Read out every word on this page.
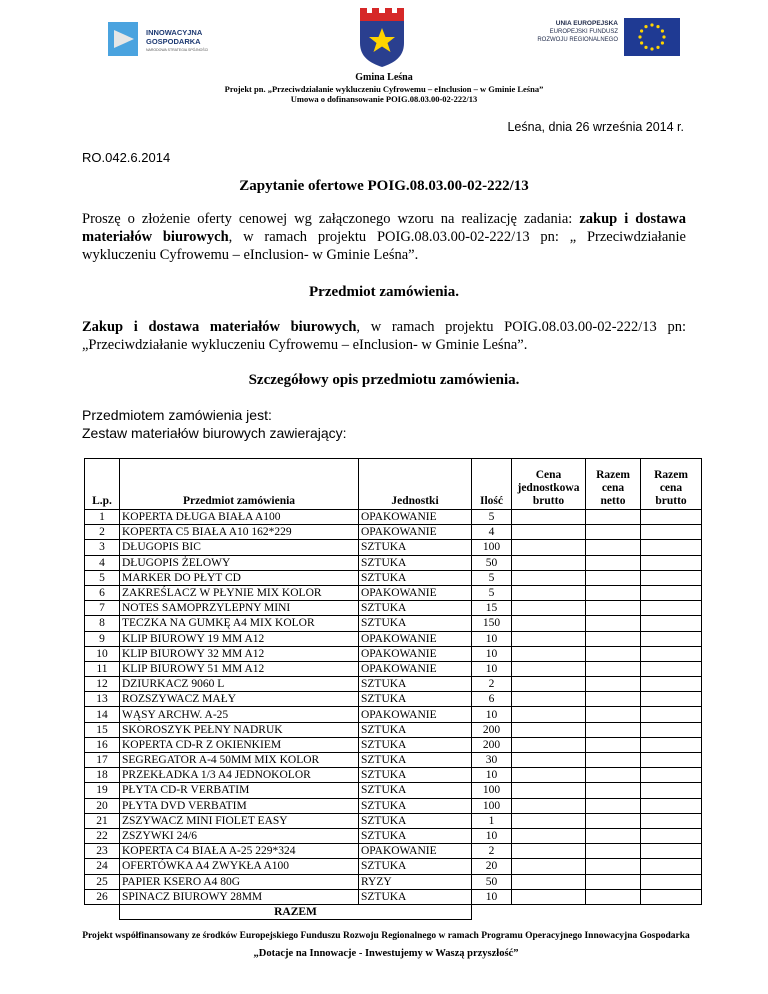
INNOWACYJNA
GOSPODARKA
NARODOWA STRATEGIA SPÓJNOŚCI
UNIA EUROPEJSKA
EUROPEJSKI FUNDUSZ
ROZWOJU REGIONALNEGO
Gmina Leśna
Projekt pn. „Przeciwdziałanie wykluczeniu Cyfrowemu – eInclusion – w Gminie Leśna”
Umowa o dofinansowanie POIG.08.03.00-02-222/13
Leśna, dnia 26 września 2014 r.
RO.042.6.2014
Zapytanie ofertowe POIG.08.03.00-02-222/13
Proszę o złożenie oferty cenowej wg załączonego wzoru na realizację zadania: zakup i dostawa materiałów biurowych, w ramach projektu POIG.08.03.00-02-222/13 pn: „ Przeciwdziałanie wykluczeniu Cyfrowemu – eInclusion- w Gminie Leśna”.
Przedmiot zamówienia.
Zakup i dostawa materiałów biurowych, w ramach projektu POIG.08.03.00-02-222/13 pn: „Przeciwdziałanie wykluczeniu Cyfrowemu – eInclusion- w Gminie Leśna”.
Szczegółowy opis przedmiotu zamówienia.
Przedmiotem zamówienia jest:
Zestaw materiałów biurowych zawierający:
L.p.	Przedmiot zamówienia	Jednostki	Ilość	Cena jednostkowa brutto	Razem cena netto	Razem cena brutto
1	KOPERTA DŁUGA BIAŁA A100	OPAKOWANIE	5			
2	KOPERTA C5 BIAŁA A10 162*229	OPAKOWANIE	4			
3	DŁUGOPIS BIC	SZTUKA	100			
4	DŁUGOPIS ŻELOWY	SZTUKA	50			
5	MARKER DO PŁYT CD	SZTUKA	5			
6	ZAKREŚLACZ W PŁYNIE MIX KOLOR	OPAKOWANIE	5			
7	NOTES SAMOPRZYLEPNY MINI	SZTUKA	15			
8	TECZKA NA GUMKĘ A4 MIX KOLOR	SZTUKA	150			
9	KLIP BIUROWY 19 MM A12	OPAKOWANIE	10			
10	KLIP BIUROWY 32 MM A12	OPAKOWANIE	10			
11	KLIP BIUROWY 51 MM A12	OPAKOWANIE	10			
12	DZIURKACZ 9060 L	SZTUKA	2			
13	ROZSZYWACZ MAŁY	SZTUKA	6			
14	WĄSY ARCHW. A-25	OPAKOWANIE	10			
15	SKOROSZYK PEŁNY NADRUK	SZTUKA	200			
16	KOPERTA CD-R Z OKIENKIEM	SZTUKA	200			
17	SEGREGATOR A-4 50MM MIX KOLOR	SZTUKA	30			
18	PRZEKŁADKA 1/3 A4 JEDNOKOLOR	SZTUKA	10			
19	PŁYTA CD-R VERBATIM	SZTUKA	100			
20	PŁYTA DVD VERBATIM	SZTUKA	100			
21	ZSZYWACZ MINI FIOLET EASY	SZTUKA	1			
22	ZSZYWKI 24/6	SZTUKA	10			
23	KOPERTA C4 BIAŁA A-25 229*324	OPAKOWANIE	2			
24	OFERTÓWKA A4 ZWYKŁA A100	SZTUKA	20			
25	PAPIER KSERO A4 80G	RYZY	50			
26	SPINACZ BIUROWY 28MM	SZTUKA	10			
	RAZEM					
Projekt współfinansowany ze środków Europejskiego Funduszu Rozwoju Regionalnego w ramach Programu Operacyjnego Innowacyjna Gospodarka
„Dotacje na Innowacje - Inwestujemy w Waszą przyszłość”
